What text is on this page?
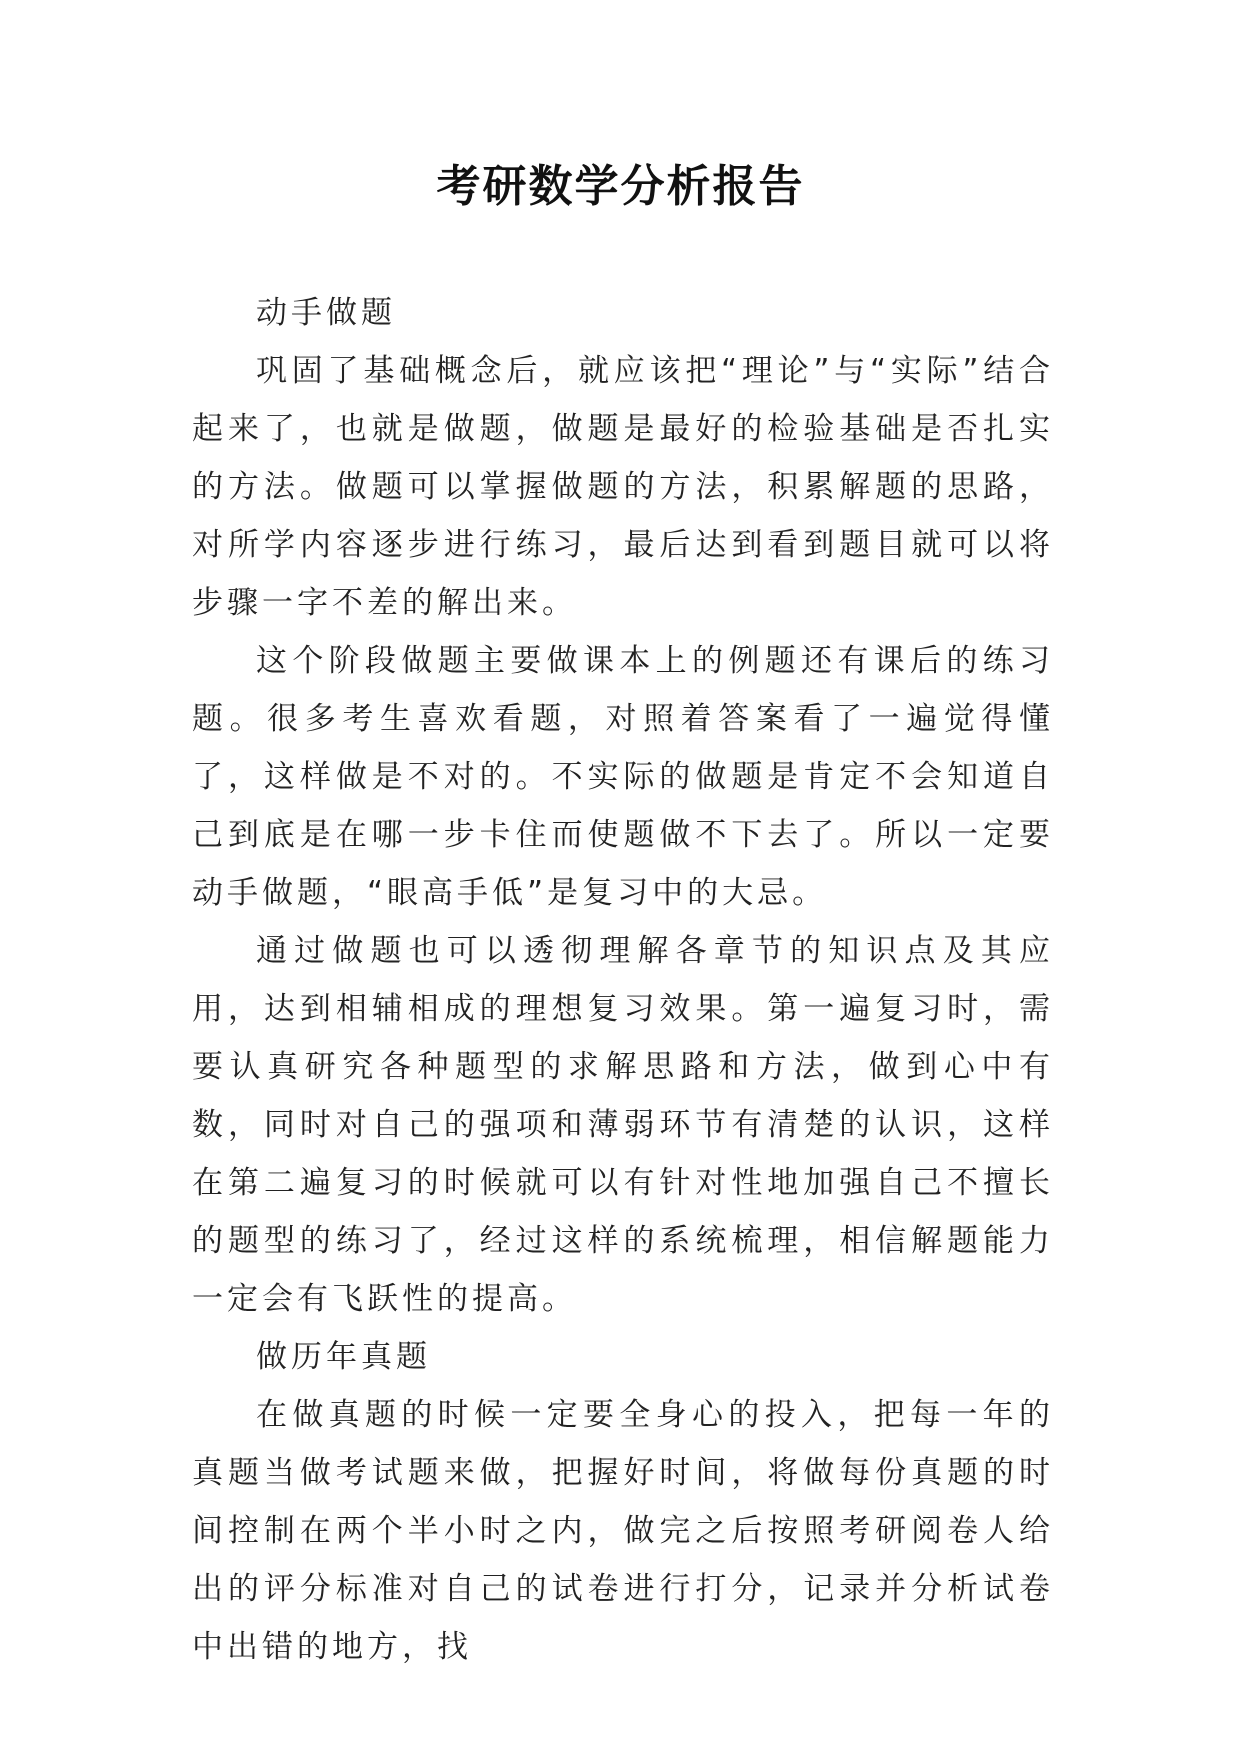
考研数学分析报告

动手做题

巩固了基础概念后，就应该把“理论”与“实际”结合起来了，也就是做题，做题是最好的检验基础是否扎实的方法。做题可以掌握做题的方法，积累解题的思路，对所学内容逐步进行练习，最后达到看到题目就可以将步骤一字不差的解出来。

这个阶段做题主要做课本上的例题还有课后的练习题。很多考生喜欢看题，对照着答案看了一遍觉得懂了，这样做是不对的。不实际的做题是肯定不会知道自己到底是在哪一步卡住而使题做不下去了。所以一定要动手做题，“眼高手低”是复习中的大忌。

通过做题也可以透彻理解各章节的知识点及其应用，达到相辅相成的理想复习效果。第一遍复习时，需要认真研究各种题型的求解思路和方法，做到心中有数，同时对自己的强项和薄弱环节有清楚的认识，这样在第二遍复习的时候就可以有针对性地加强自己不擅长的题型的练习了，经过这样的系统梳理，相信解题能力一定会有飞跃性的提高。

做历年真题

在做真题的时候一定要全身心的投入，把每一年的真题当做考试题来做，把握好时间，将做每份真题的时间控制在两个半小时之内，做完之后按照考研阅卷人给出的评分标准对自己的试卷进行打分，记录并分析试卷中出错的地方，找
